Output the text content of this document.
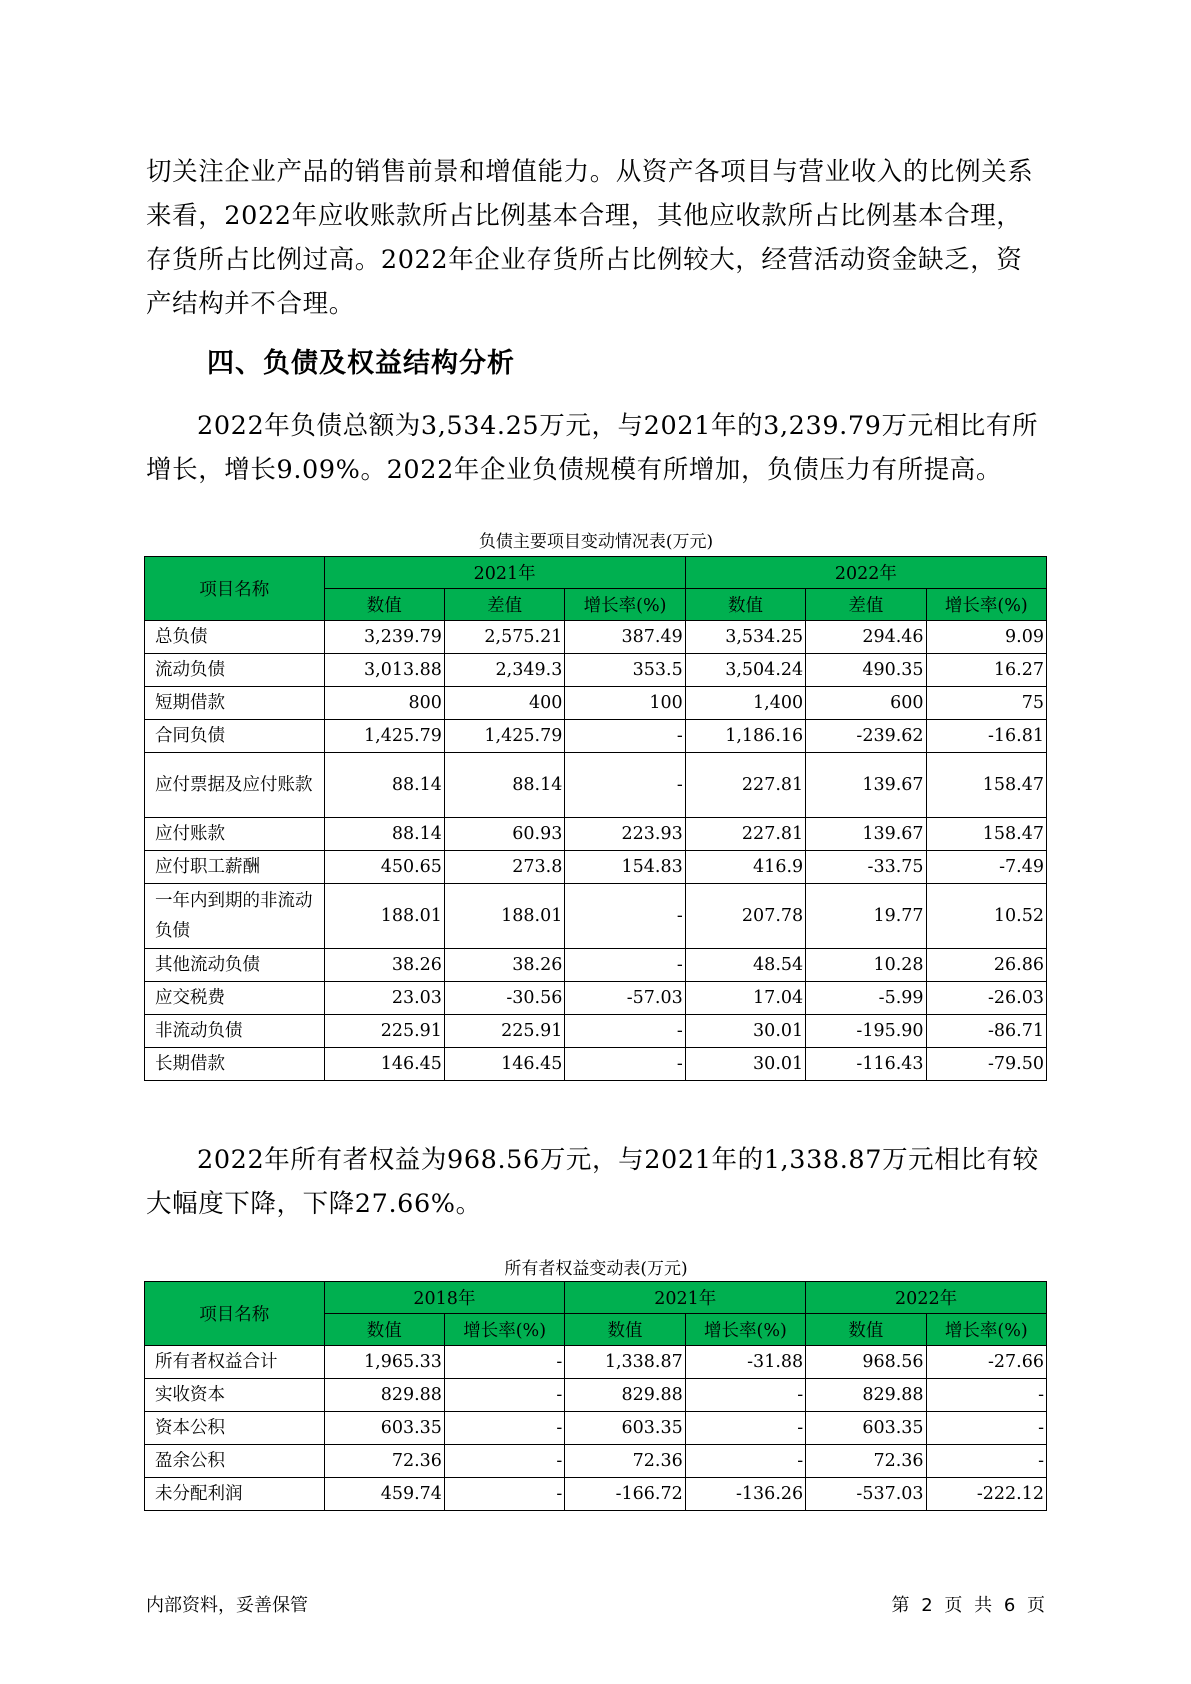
切关注企业产品的销售前景和增值能力。从资产各项目与营业收入的比例关系来看，2022年应收账款所占比例基本合理，其他应收款所占比例基本合理，存货所占比例过高。2022年企业存货所占比例较大，经营活动资金缺乏，资产结构并不合理。

四、负债及权益结构分析

2022年负债总额为3,534.25万元，与2021年的3,239.79万元相比有所增长，增长9.09%。2022年企业负债规模有所增加，负债压力有所提高。

负债主要项目变动情况表(万元)
项目名称	2021年			2022年		
	数值	差值	增长率(%)	数值	差值	增长率(%)
总负债	3,239.79	2,575.21	387.49	3,534.25	294.46	9.09
流动负债	3,013.88	2,349.3	353.5	3,504.24	490.35	16.27
短期借款	800	400	100	1,400	600	75
合同负债	1,425.79	1,425.79	-	1,186.16	-239.62	-16.81
应付票据及应付账款	88.14	88.14	-	227.81	139.67	158.47
应付账款	88.14	60.93	223.93	227.81	139.67	158.47
应付职工薪酬	450.65	273.8	154.83	416.9	-33.75	-7.49
一年内到期的非流动负债	188.01	188.01	-	207.78	19.77	10.52
其他流动负债	38.26	38.26	-	48.54	10.28	26.86
应交税费	23.03	-30.56	-57.03	17.04	-5.99	-26.03
非流动负债	225.91	225.91	-	30.01	-195.90	-86.71
长期借款	146.45	146.45	-	30.01	-116.43	-79.50

2022年所有者权益为968.56万元，与2021年的1,338.87万元相比有较大幅度下降，下降27.66%。

所有者权益变动表(万元)
项目名称	2018年		2021年		2022年	
	数值	增长率(%)	数值	增长率(%)	数值	增长率(%)
所有者权益合计	1,965.33	-	1,338.87	-31.88	968.56	-27.66
实收资本	829.88	-	829.88	-	829.88	-
资本公积	603.35	-	603.35	-	603.35	-
盈余公积	72.36	-	72.36	-	72.36	-
未分配利润	459.74	-	-166.72	-136.26	-537.03	-222.12
内部资料，妥善保管	第 2 页 共 6 页
